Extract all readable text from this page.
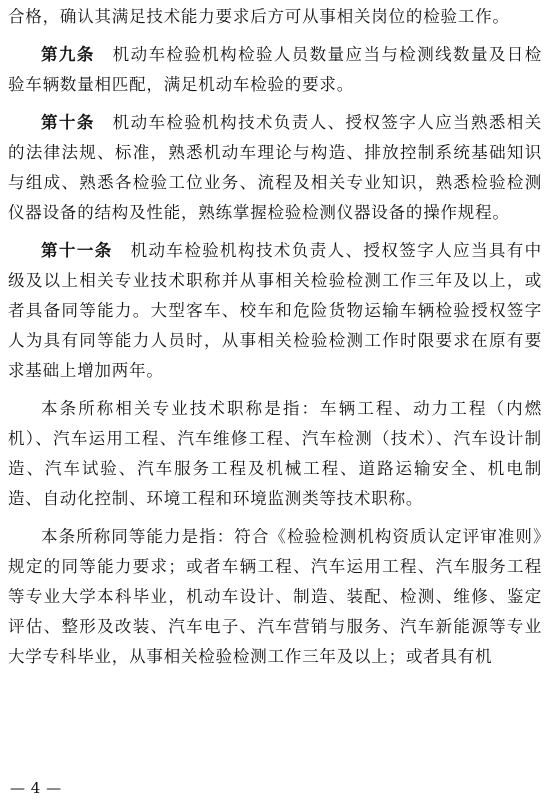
合格，确认其满足技术能力要求后方可从事相关岗位的检验工作。

第九条　 机动车检验机构检验人员数量应当与检测线数量及日检验车辆数量相匹配，满足机动车检验的要求。

第十条　 机动车检验机构技术负责人、授权签字人应当熟悉相关的法律法规、标准，熟悉机动车理论与构造、排放控制系统基础知识与组成、熟悉各检验工位业务、流程及相关专业知识，熟悉检验检测仪器设备的结构及性能，熟练掌握检验检测仪器设备的操作规程。

第十一条　 机动车检验机构技术负责人、授权签字人应当具有中级及以上相关专业技术职称并从事相关检验检测工作三年及以上，或者具备同等能力。大型客车、校车和危险货物运输车辆检验授权签字人为具有同等能力人员时，从事相关检验检测工作时限要求在原有要求基础上增加两年。

本条所称相关专业技术职称是指：车辆工程、动力工程（内燃机）、汽车运用工程、汽车维修工程、汽车检测（技术）、汽车设计制造、汽车试验、汽车服务工程及机械工程、道路运输安全、机电制造、自动化控制、环境工程和环境监测类等技术职称。

本条所称同等能力是指：符合《检验检测机构资质认定评审准则》规定的同等能力要求；或者车辆工程、汽车运用工程、汽车服务工程等专业大学本科毕业，机动车设计、制造、装配、检测、维修、鉴定评估、整形及改装、汽车电子、汽车营销与服务、汽车新能源等专业大学专科毕业，从事相关检验检测工作三年及以上；或者具有机

— 4 —
